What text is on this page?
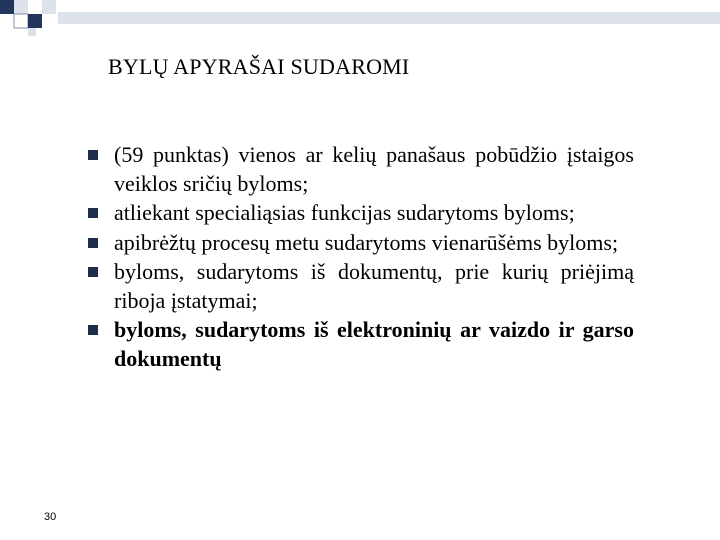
BYLŲ APYRAŠAI SUDAROMI
(59 punktas) vienos ar kelių panašaus pobūdžio įstaigos veiklos sričių byloms;
atliekant specialiąsias funkcijas sudarytoms byloms;
apibrėžtų procesų metu sudarytoms vienarūšėms byloms;
byloms, sudarytoms iš dokumentų, prie kurių priėjimą riboja įstatymai;
byloms, sudarytoms iš elektroninių ar vaizdo ir garso dokumentų
30
